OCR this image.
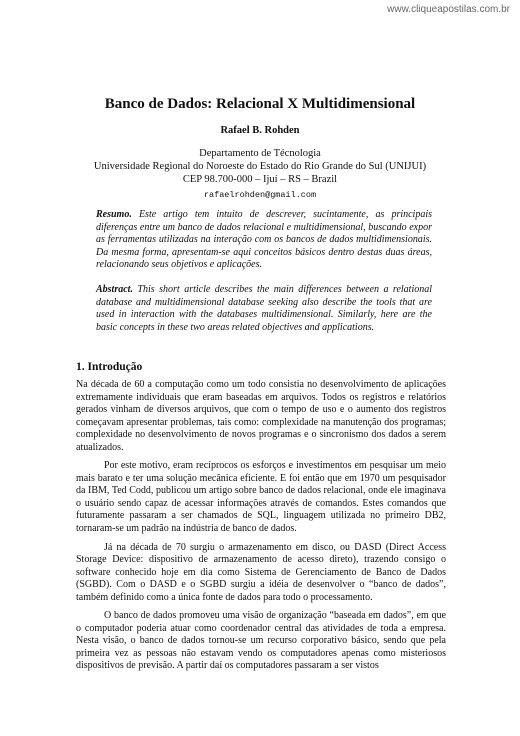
www.cliqueapostilas.com.br
Banco de Dados: Relacional X Multidimensional
Rafael B. Rohden
Departamento de Técnologia
Universidade Regional do Noroeste do Estado do Rio Grande do Sul (UNIJUI)
CEP 98.700-000 – Ijuí – RS – Brazil
rafaelrohden@gmail.com

Resumo. Este artigo tem intuito de descrever, sucintamente, as principais diferenças entre um banco de dados relacional e multidimensional, buscando expor as ferramentas utilizadas na interação com os bancos de dados multidimensionais. Da mesma forma, apresentam-se aqui conceitos básicos dentro destas duas áreas, relacionando seus objetivos e aplicações.

Abstract. This short article describes the main differences between a relational database and multidimensional database seeking also describe the tools that are used in interaction with the databases multidimensional. Similarly, here are the basic concepts in these two areas related objectives and applications.

1. Introdução

Na década de 60 a computação como um todo consistia no desenvolvimento de aplicações extremamente individuais que eram baseadas em arquivos. Todos os registros e relatórios gerados vinham de diversos arquivos, que com o tempo de uso e o aumento dos registros começavam apresentar problemas, tais como: complexidade na manutenção dos programas; complexidade no desenvolvimento de novos programas e o sincronismo dos dados a serem atualizados.

Por este motivo, eram recíprocos os esforços e investimentos em pesquisar um meio mais barato e ter uma solução mecânica eficiente. E foi então que em 1970 um pesquisador da IBM, Ted Codd, publicou um artigo sobre banco de dados relacional, onde ele imaginava o usuário sendo capaz de acessar informações através de comandos. Estes comandos que futuramente passaram a ser chamados de SQL, linguagem utilizada no primeiro DB2, tornaram-se um padrão na indústria de banco de dados.

Já na década de 70 surgiu o armazenamento em disco, ou DASD (Direct Access Storage Device: dispositivo de armazenamento de acesso direto), trazendo consigo o software conhecido hoje em dia como Sistema de Gerenciamento de Banco de Dados (SGBD). Com o DASD e o SGBD surgiu a idéia de desenvolver o “banco de dados”, também definido como a única fonte de dados para todo o processamento.

O banco de dados promoveu uma visão de organização “baseada em dados”, em que o computador poderia atuar como coordenador central das atividades de toda a empresa. Nesta visão, o banco de dados tornou-se um recurso corporativo básico, sendo que pela primeira vez as pessoas não estavam vendo os computadores apenas como misteriosos dispositivos de previsão. A partir daí os computadores passaram a ser vistos
